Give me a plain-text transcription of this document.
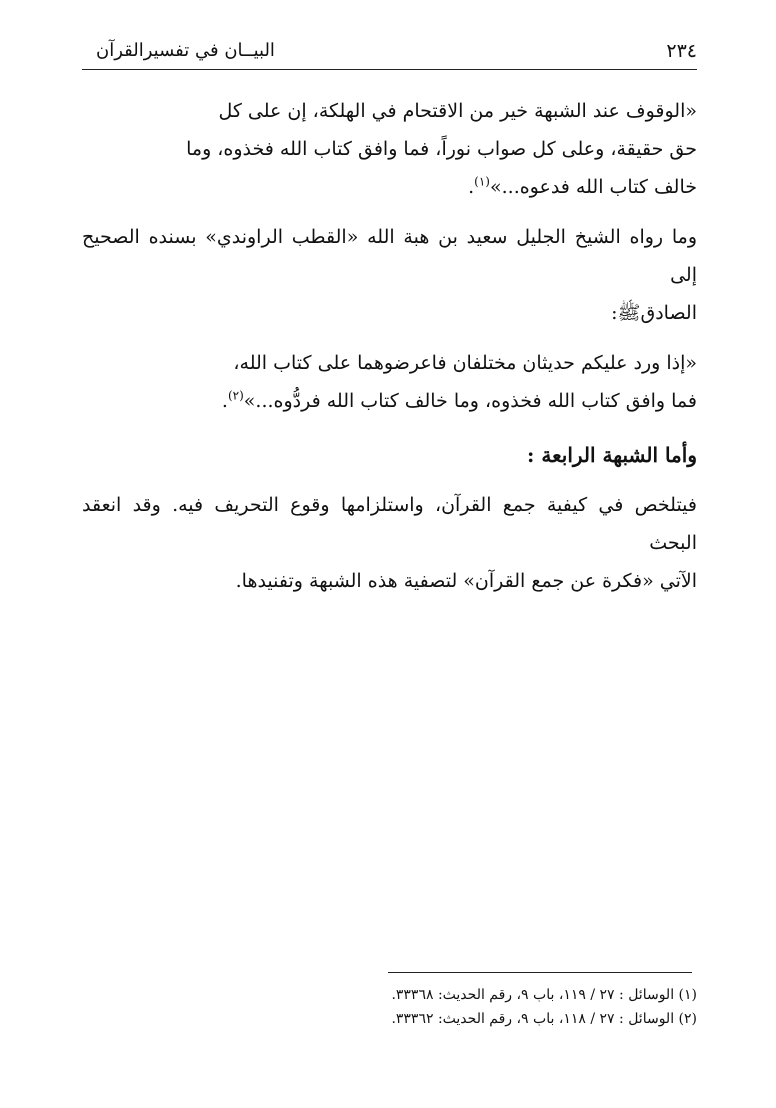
٢٣٤
البيــان في تفسيرالقرآن

«الوقوف عند الشبهة خير من الاقتحام في الهلكة، إن على كل

حق حقيقة، وعلى كل صواب نوراً، فما وافق كتاب الله فخذوه، وما

خالف كتاب الله فدعوه...»$^{(١)}$.

وما رواه الشيخ الجليل سعيد بن هبة الله «القطب الراوندي» بسنده الصحيح إلى

الصادقﷺ:

«إذا ورد عليكم حديثان مختلفان فاعرضوهما على كتاب الله،

فما وافق كتاب الله فخذوه، وما خالف كتاب الله فردُّوه...»$^{(٢)}$.

وأما الشبهة الرابعة :

فيتلخص في كيفية جمع القرآن، واستلزامها وقوع التحريف فيه. وقد انعقد البحث

الآتي «فكرة عن جمع القرآن» لتصفية هذه الشبهة وتفنيدها.

(١) الوسائل : ٢٧ / ١١٩، باب ٩، رقم الحديث: ٣٣٣٦٨.
(٢) الوسائل : ٢٧ / ١١٨، باب ٩، رقم الحديث: ٣٣٣٦٢.
